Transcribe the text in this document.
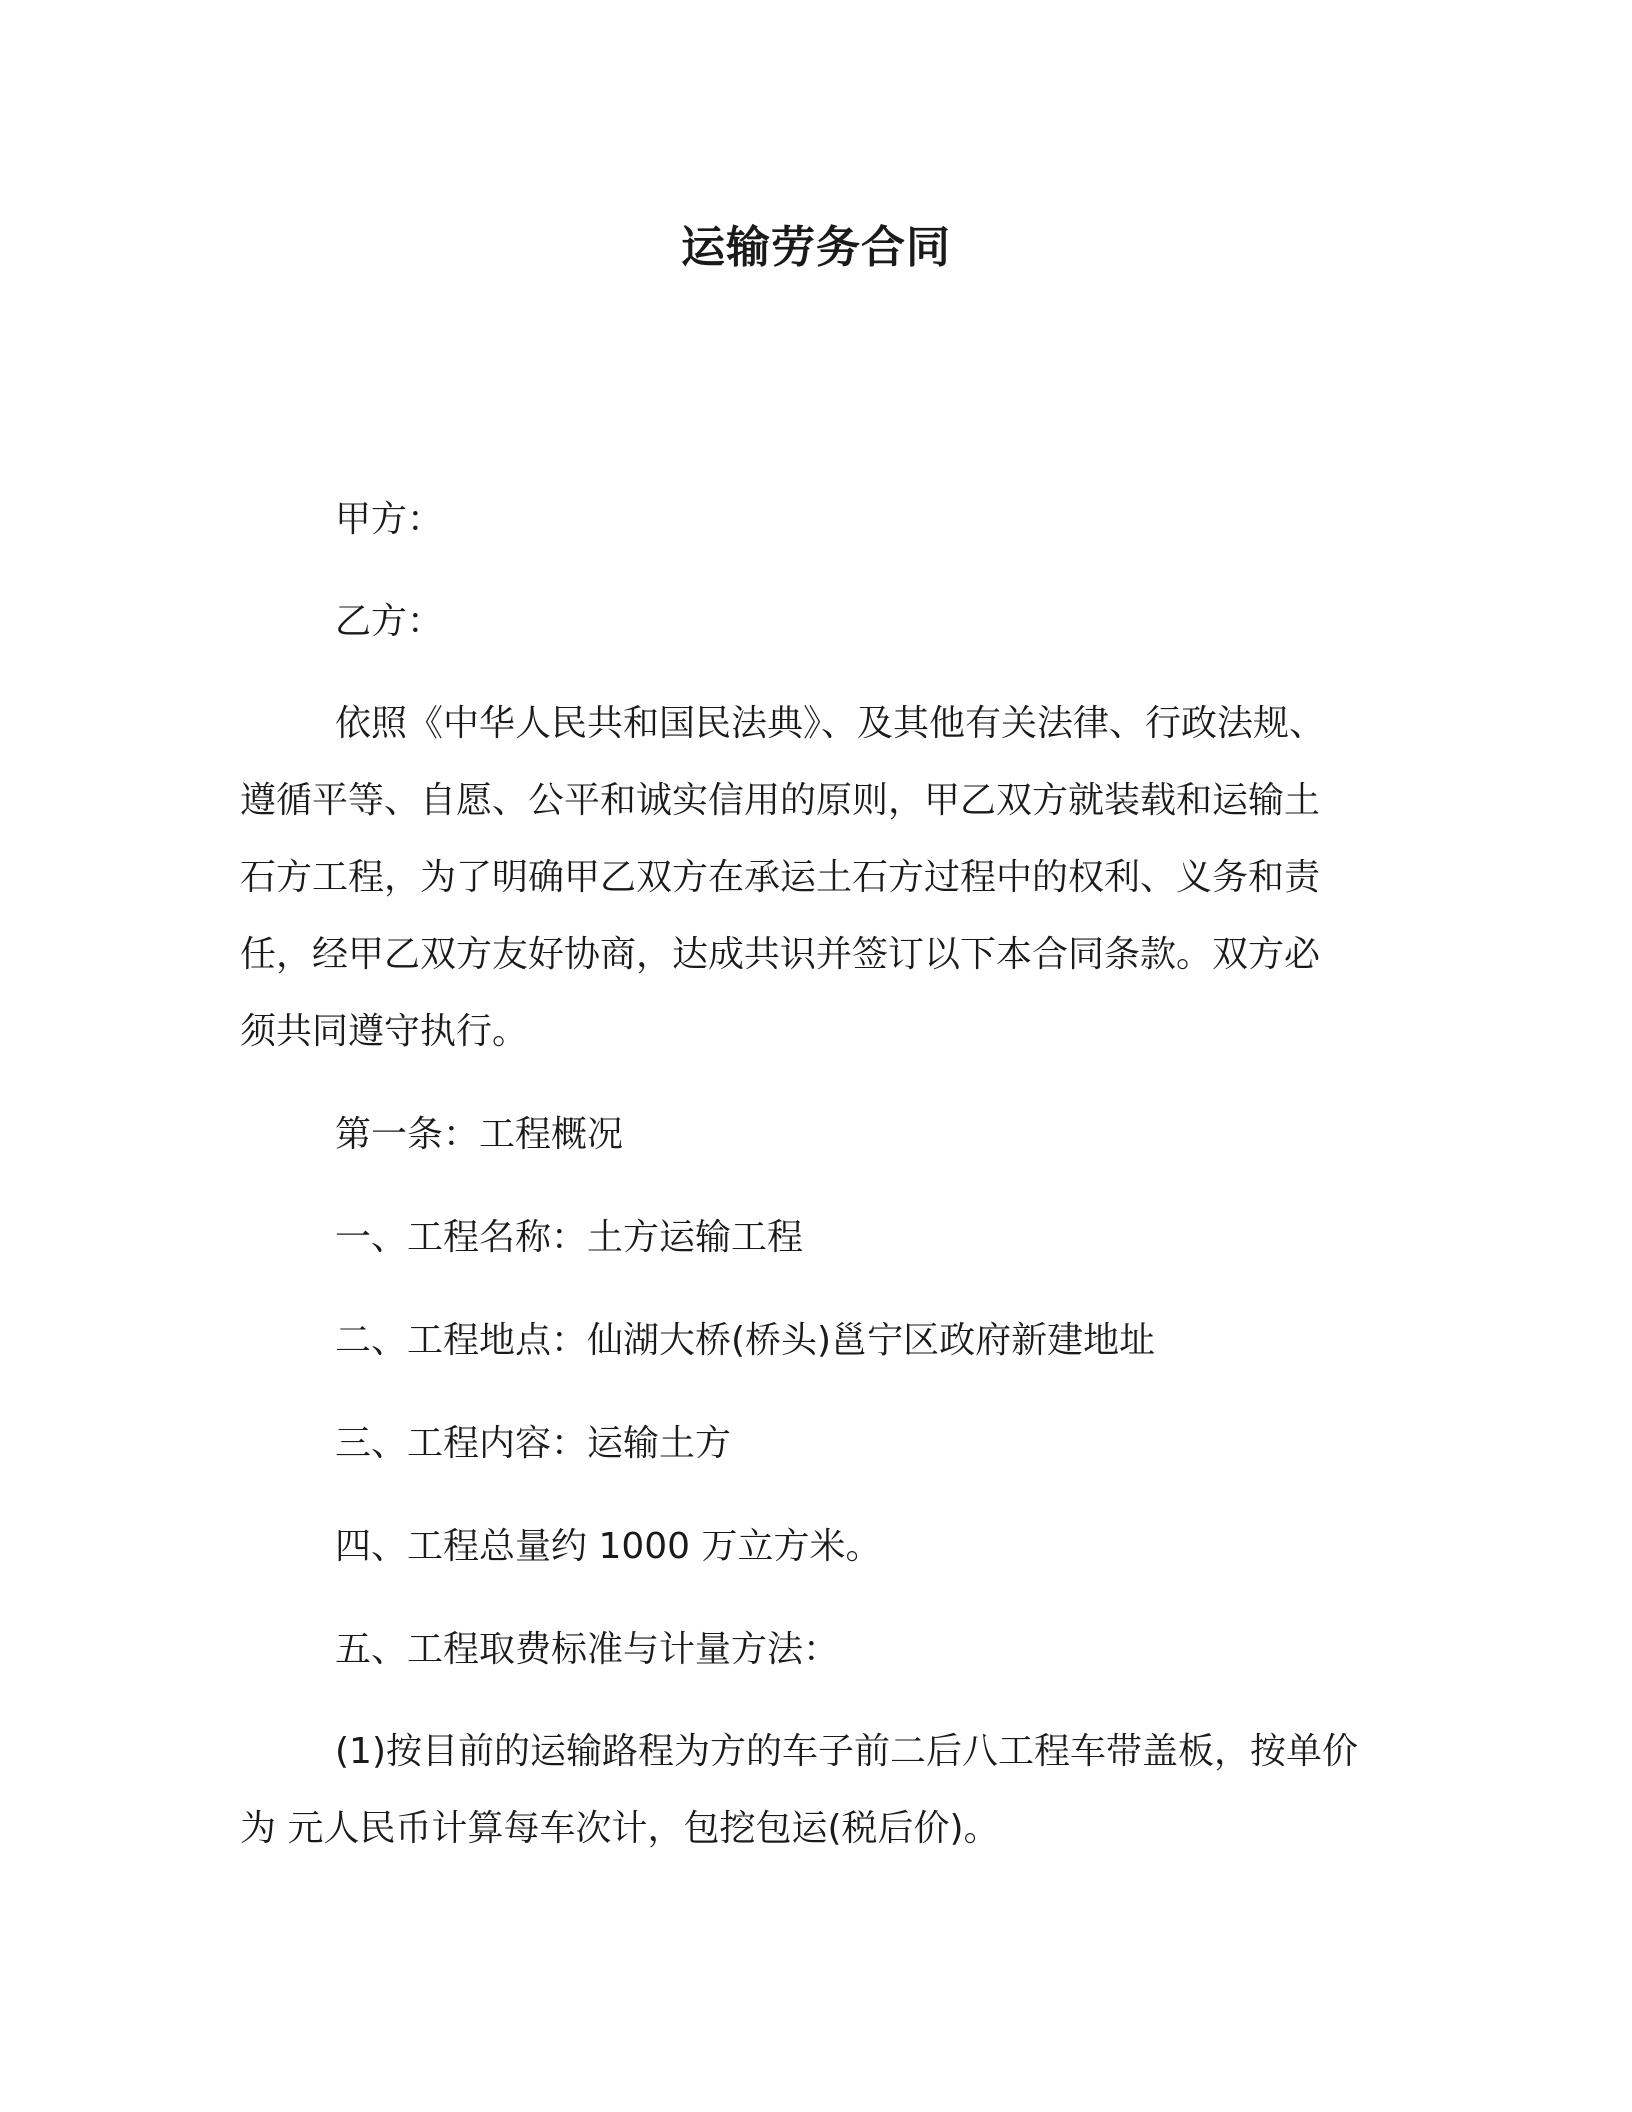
运输劳务合同

甲方：

乙方：

依照《中华人民共和国民法典》、及其他有关法律、行政法规、

遵循平等、自愿、公平和诚实信用的原则，甲乙双方就装载和运输土

石方工程，为了明确甲乙双方在承运土石方过程中的权利、义务和责

任，经甲乙双方友好协商，达成共识并签订以下本合同条款。双方必

须共同遵守执行。

第一条：工程概况

一、工程名称：土方运输工程

二、工程地点：仙湖大桥(桥头)邕宁区政府新建地址

三、工程内容：运输土方

四、工程总量约 1000 万立方米。

五、工程取费标准与计量方法：

(1)按目前的运输路程为方的车子前二后八工程车带盖板，按单价

为 元人民币计算每车次计，包挖包运(税后价)。
